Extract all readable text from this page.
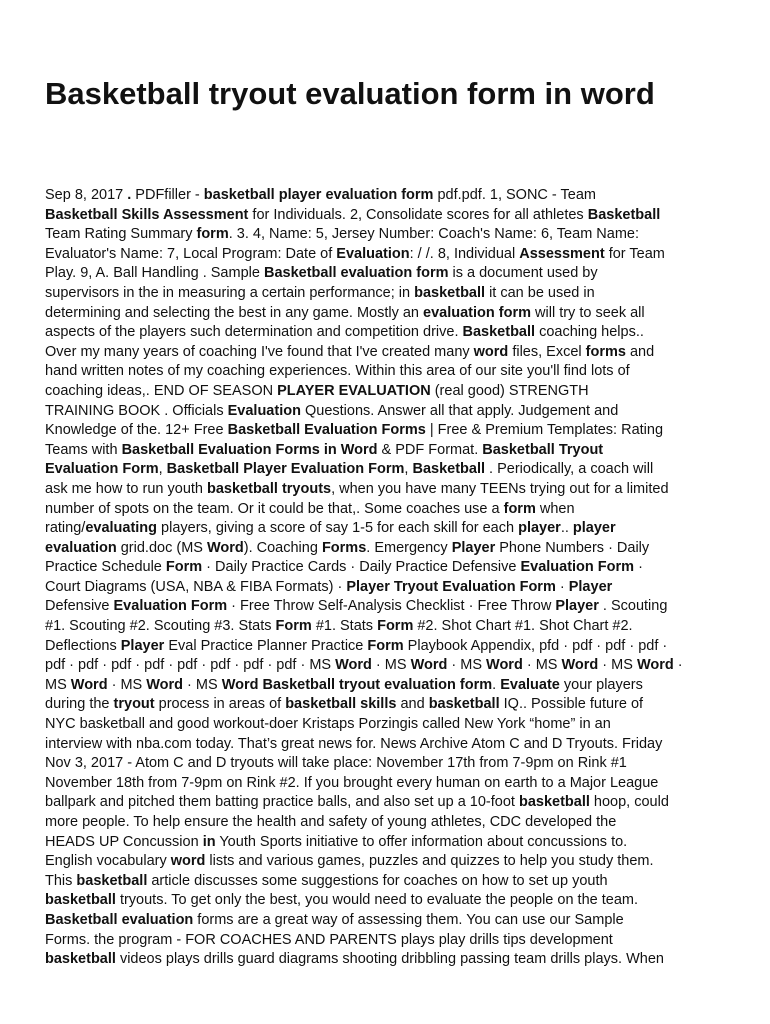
Basketball tryout evaluation form in word
Sep 8, 2017 . PDFfiller - basketball player evaluation form pdf.pdf. 1, SONC - Team
Basketball Skills Assessment for Individuals. 2, Consolidate scores for all athletes Basketball
Team Rating Summary form. 3. 4, Name: 5, Jersey Number: Coach's Name: 6, Team Name:
Evaluator's Name: 7, Local Program: Date of Evaluation: / /. 8, Individual Assessment for Team
Play. 9, A. Ball Handling . Sample Basketball evaluation form is a document used by
supervisors in the in measuring a certain performance; in basketball it can be used in
determining and selecting the best in any game. Mostly an evaluation form will try to seek all
aspects of the players such determination and competition drive. Basketball coaching helps..
Over my many years of coaching I've found that I've created many word files, Excel forms and
hand written notes of my coaching experiences. Within this area of our site you'll find lots of
coaching ideas,. END OF SEASON PLAYER EVALUATION (real good) STRENGTH
TRAINING BOOK . Officials Evaluation Questions. Answer all that apply. Judgement and
Knowledge of the. 12+ Free Basketball Evaluation Forms | Free & Premium Templates: Rating
Teams with Basketball Evaluation Forms in Word & PDF Format. Basketball Tryout
Evaluation Form, Basketball Player Evaluation Form, Basketball . Periodically, a coach will
ask me how to run youth basketball tryouts, when you have many TEENs trying out for a limited
number of spots on the team. Or it could be that,. Some coaches use a form when
rating/evaluating players, giving a score of say 1-5 for each skill for each player.. player
evaluation grid.doc (MS Word). Coaching Forms. Emergency Player Phone Numbers · Daily
Practice Schedule Form · Daily Practice Cards · Daily Practice Defensive Evaluation Form ·
Court Diagrams (USA, NBA & FIBA Formats) · Player Tryout Evaluation Form · Player
Defensive Evaluation Form · Free Throw Self-Analysis Checklist · Free Throw Player . Scouting
#1. Scouting #2. Scouting #3. Stats Form #1. Stats Form #2. Shot Chart #1. Shot Chart #2.
Deflections Player Eval Practice Planner Practice Form Playbook Appendix, pfd · pdf · pdf · pdf ·
pdf · pdf · pdf · pdf · pdf · pdf · pdf · pdf · MS Word · MS Word · MS Word · MS Word · MS Word ·
MS Word · MS Word · MS Word Basketball tryout evaluation form. Evaluate your players
during the tryout process in areas of basketball skills and basketball IQ.. Possible future of
NYC basketball and good workout-doer Kristaps Porzingis called New York “home” in an
interview with nba.com today. That’s great news for. News Archive Atom C and D Tryouts. Friday
Nov 3, 2017 - Atom C and D tryouts will take place: November 17th from 7-9pm on Rink #1
November 18th from 7-9pm on Rink #2. If you brought every human on earth to a Major League
ballpark and pitched them batting practice balls, and also set up a 10-foot basketball hoop, could
more people. To help ensure the health and safety of young athletes, CDC developed the
HEADS UP Concussion in Youth Sports initiative to offer information about concussions to.
English vocabulary word lists and various games, puzzles and quizzes to help you study them.
This basketball article discusses some suggestions for coaches on how to set up youth
basketball tryouts. To get only the best, you would need to evaluate the people on the team.
Basketball evaluation forms are a great way of assessing them. You can use our Sample
Forms. the program - FOR COACHES AND PARENTS plays play drills tips development
basketball videos plays drills guard diagrams shooting dribbling passing team drills plays. When
